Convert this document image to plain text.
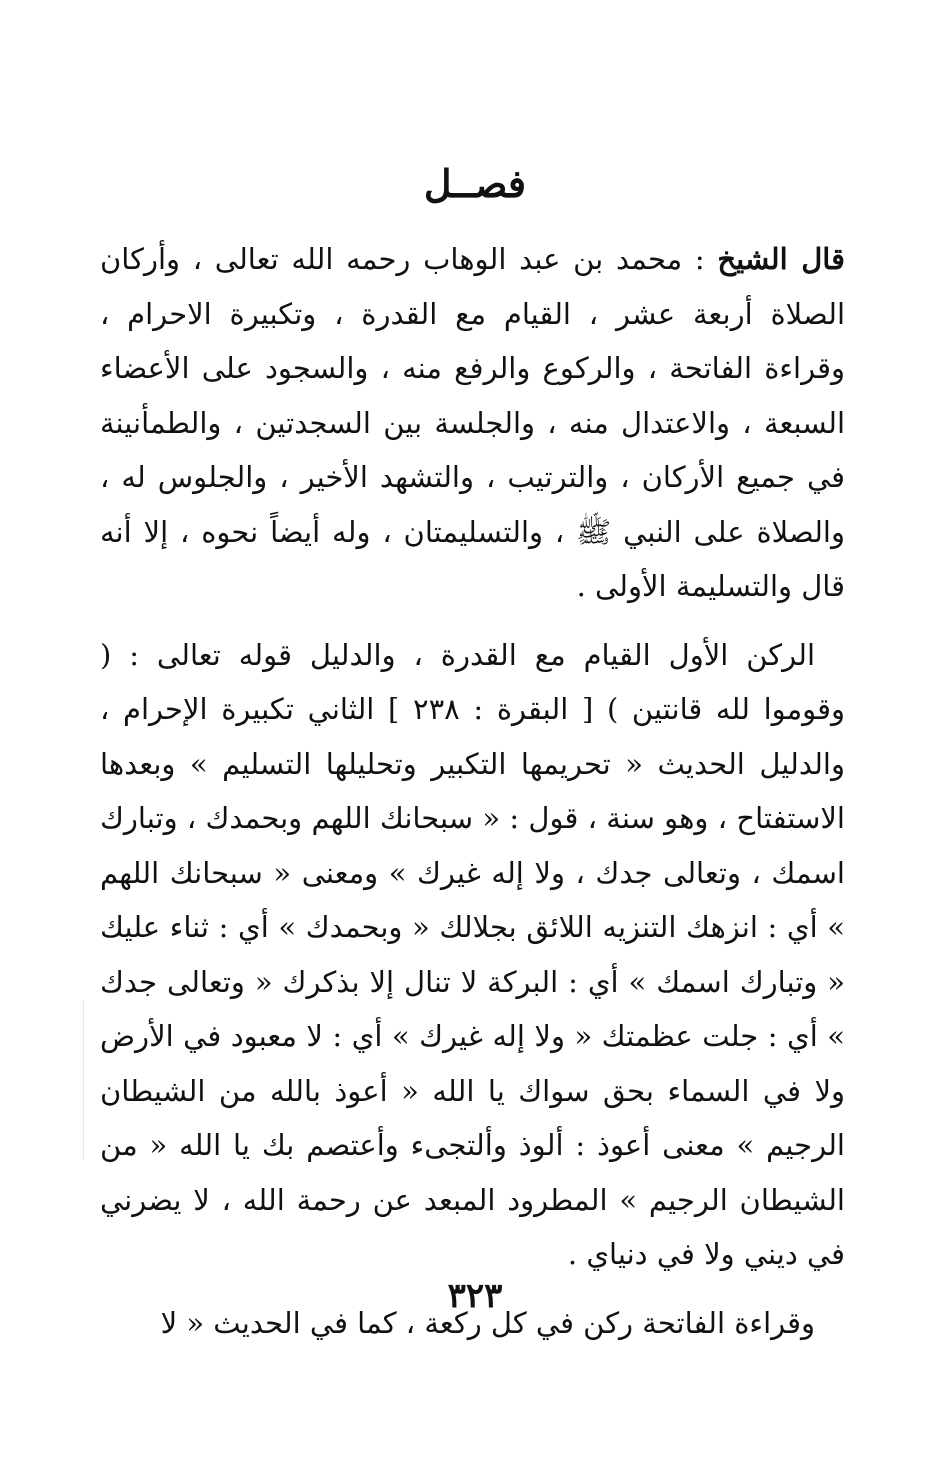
فصــل

قال الشيخ : محمد بن عبد الوهاب رحمه الله تعالى ، وأركان الصلاة أربعة عشر ، القيام مع القدرة ، وتكبيرة الاحرام ، وقراءة الفاتحة ، والركوع والرفع منه ، والسجود على الأعضاء السبعة ، والاعتدال منه ، والجلسة بين السجدتين ، والطمأنينة في جميع الأركان ، والترتيب ، والتشهد الأخير ، والجلوس له ، والصلاة على النبي ﷺ ، والتسليمتان ، وله أيضاً نحوه ، إلا أنه قال والتسليمة الأولى .

الركن الأول القيام مع القدرة ، والدليل قوله تعالى : ( وقوموا لله قانتين ) [ البقرة : ٢٣٨ ] الثاني تكبيرة الإحرام ، والدليل الحديث « تحريمها التكبير وتحليلها التسليم » وبعدها الاستفتاح ، وهو سنة ، قول : « سبحانك اللهم وبحمدك ، وتبارك اسمك ، وتعالى جدك ، ولا إله غيرك » ومعنى « سبحانك اللهم » أي : انزهك التنزيه اللائق بجلالك « وبحمدك » أي : ثناء عليك « وتبارك اسمك » أي : البركة لا تنال إلا بذكرك « وتعالى جدك » أي : جلت عظمتك « ولا إله غيرك » أي : لا معبود في الأرض ولا في السماء بحق سواك يا الله « أعوذ بالله من الشيطان الرجيم » معنى أعوذ : ألوذ وألتجىء وأعتصم بك يا الله « من الشيطان الرجيم » المطرود المبعد عن رحمة الله ، لا يضرني في ديني ولا في دنياي .

وقراءة الفاتحة ركن في كل ركعة ، كما في الحديث « لا

٣٢٣
